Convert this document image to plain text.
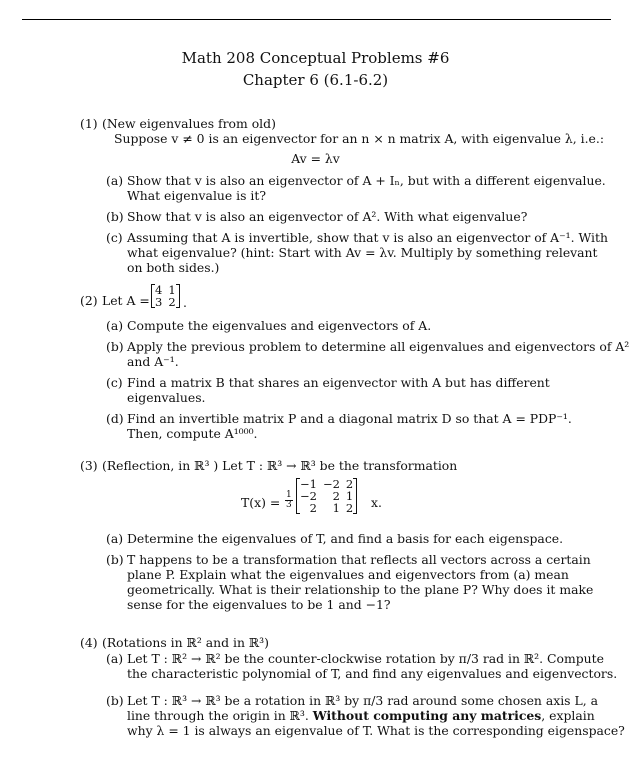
Math 208 Conceptual Problems #6
Chapter 6 (6.1-6.2)
(1) (New eigenvalues from old)
Suppose v ≠ 0 is an eigenvector for an n × n matrix A, with eigenvalue λ, i.e.:
Av = λv
(a) Show that v is also an eigenvector of A + Iₙ, but with a different eigenvalue.
What eigenvalue is it?
(b) Show that v is also an eigenvector of A². With what eigenvalue?
(c) Assuming that A is invertible, show that v is also an eigenvector of A⁻¹. With
what eigenvalue? (hint: Start with Av = λv. Multiply by something relevant
on both sides.)
(2) Let A =
4	1
3	2 .
(a) Compute the eigenvalues and eigenvectors of A.
(b) Apply the previous problem to determine all eigenvalues and eigenvectors of A²
and A⁻¹.
(c) Find a matrix B that shares an eigenvector with A but has different
eigenvalues.
(d) Find an invertible matrix P and a diagonal matrix D so that A = PDP⁻¹.
Then, compute A¹⁰⁰⁰.
(3) (Reflection, in ℝ³ ) Let T : ℝ³ → ℝ³ be the transformation
$T(x) = \frac{1}{3}$
−1	−2	2
−2	2	1
2	1	2 x.
(a) Determine the eigenvalues of T, and find a basis for each eigenspace.
(b) T happens to be a transformation that reflects all vectors across a certain
plane P. Explain what the eigenvalues and eigenvectors from (a) mean
geometrically. What is their relationship to the plane P? Why does it make
sense for the eigenvalues to be 1 and −1?
(4) (Rotations in ℝ² and in ℝ³)
(a) Let T : ℝ² → ℝ² be the counter-clockwise rotation by π/3 rad in ℝ². Compute
the characteristic polynomial of T, and find any eigenvalues and eigenvectors.
(b) Let T : ℝ³ → ℝ³ be a rotation in ℝ³ by π/3 rad around some chosen axis L, a
line through the origin in ℝ³. Without computing any matrices, explain
why λ = 1 is always an eigenvalue of T. What is the corresponding eigenspace?
